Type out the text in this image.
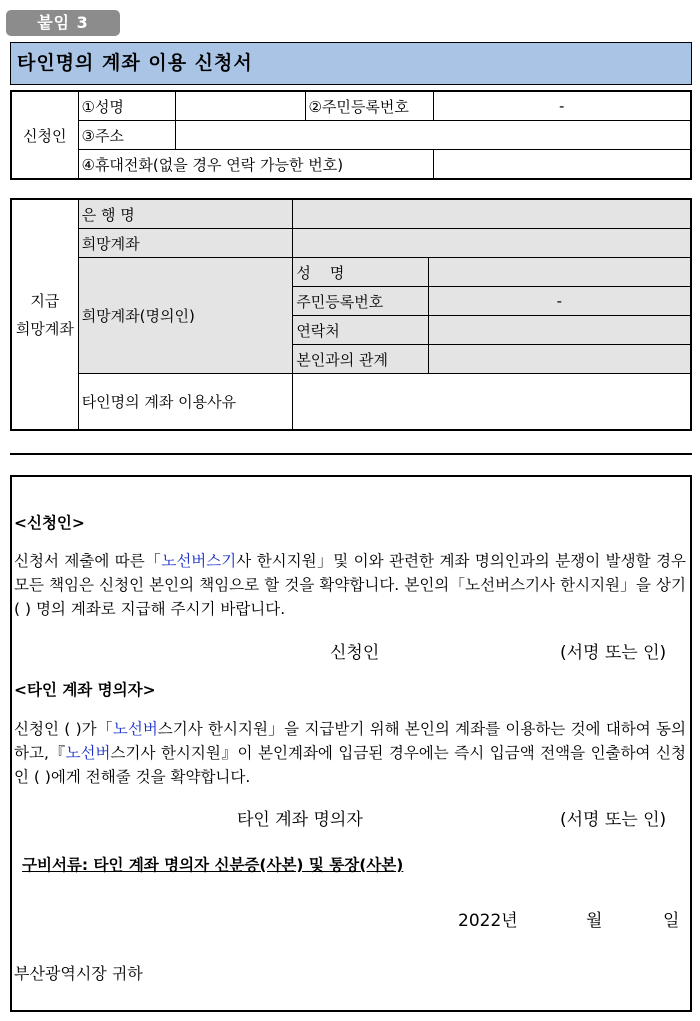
붙임 3
타인명의 계좌 이용 신청서
신청인	①성명		②주민등록번호	-
	③주소			
	④휴대전화(없을 경우 연락 가능한 번호)			
지급
희망계좌	은 행 명		
	희망계좌		
	희망계좌(명의인)	성    명	
		주민등록번호	-
		연락처	
		본인과의 관계	
	타인명의 계좌 이용사유		

<신청인>

신청서 제출에 따른「노선버스기사 한시지원」및 이와 관련한 계좌 명의인과의 분쟁이 발생할 경우 모든 책임은 신청인 본인의 책임으로 할 것을 확약합니다. 본인의「노선버스기사 한시지원」을 상기 ( ) 명의 계좌로 지급해 주시기 바랍니다.

신청인	(서명 또는 인)

<타인 계좌 명의자>

신청인 ( )가「노선버스기사 한시지원」을 지급받기 위해 본인의 계좌를 이용하는 것에 대하여 동의하고,『노선버스기사 한시지원』이 본인계좌에 입금된 경우에는 즉시 입금액 전액을 인출하여 신청인 ( )에게 전해줄 것을 확약합니다.

타인 계좌 명의자	(서명 또는 인)
구비서류: 타인 계좌 명의자 신분증(사본) 및 통장(사본)
2022년	월	일
부산광역시장 귀하
